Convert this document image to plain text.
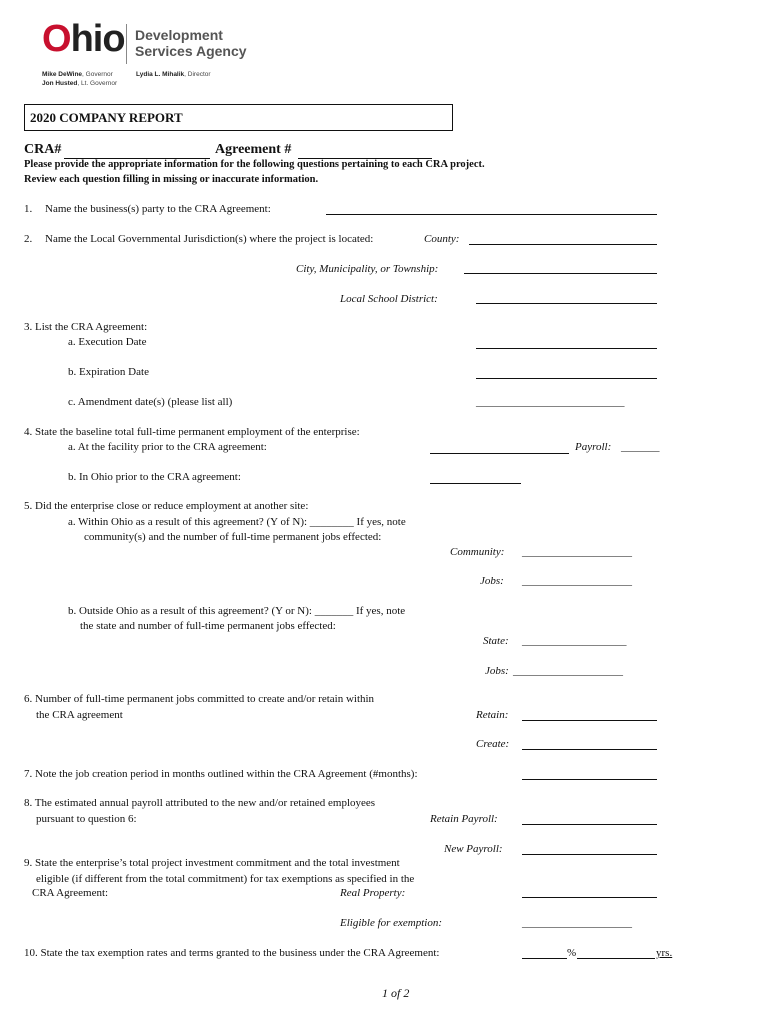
Ohio Development
Services Agency
Mike DeWine, Governor
Jon Husted, Lt. Governor
Lydia L. Mihalik, Director
2020 COMPANY REPORT
CRA#	Agreement #
Please provide the appropriate information for the following questions pertaining to each CRA project.
Review each question filling in missing or inaccurate information.
1. Name the business(s) party to the CRA Agreement:
2. Name the Local Governmental Jurisdiction(s) where the project is located:	County:
City, Municipality, or Township:
Local School District:
3. List the CRA Agreement:
a. Execution Date
b. Expiration Date
c. Amendment date(s) (please list all)	___________________________
4. State the baseline total full-time permanent employment of the enterprise:
a. At the facility prior to the CRA agreement:	Payroll: _______
b. In Ohio prior to the CRA agreement:
5. Did the enterprise close or reduce employment at another site:
a. Within Ohio as a result of this agreement? (Y of N): ________ If yes, note
community(s) and the number of full-time permanent jobs effected:
Community: ____________________
Jobs: ____________________
b. Outside Ohio as a result of this agreement? (Y or N): _______ If yes, note
the state and number of full-time permanent jobs effected:
State: ___________________
Jobs: ____________________
6. Number of full-time permanent jobs committed to create and/or retain within
the CRA agreement	Retain:
Create:
7. Note the job creation period in months outlined within the CRA Agreement (#months):
8. The estimated annual payroll attributed to the new and/or retained employees
pursuant to question 6:	Retain Payroll:
New Payroll:
9. State the enterprise’s total project investment commitment and the total investment
eligible (if different from the total commitment) for tax exemptions as specified in the
CRA Agreement:	Real Property:
Eligible for exemption:	____________________
10. State the tax exemption rates and terms granted to the business under the CRA Agreement:	%	yrs.
1 of 2
